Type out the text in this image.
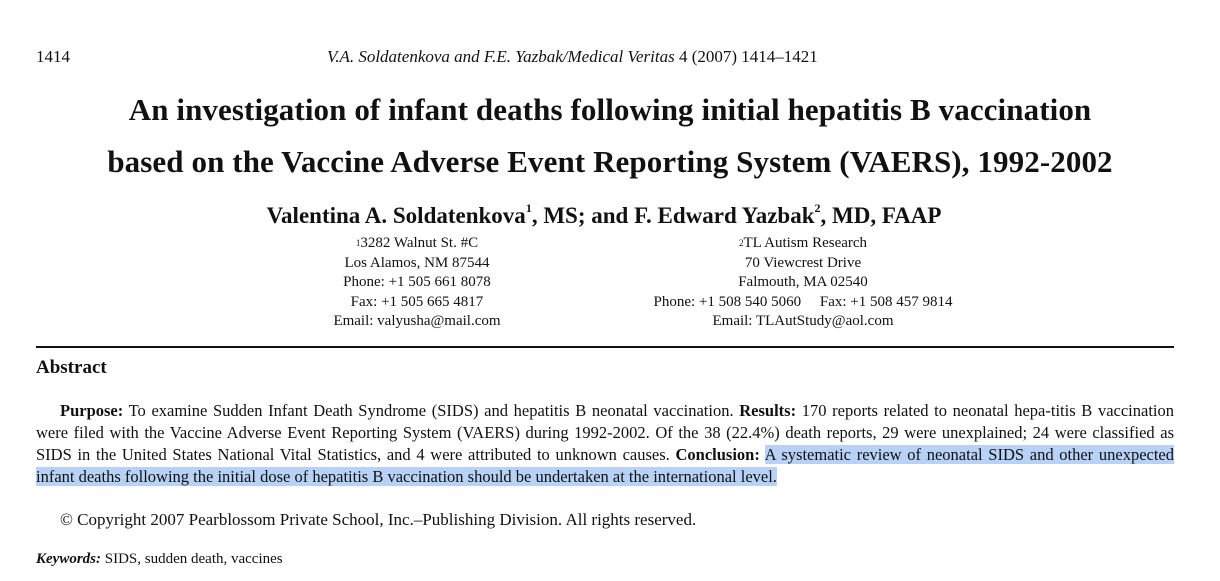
1414	V.A. Soldatenkova and F.E. Yazbak/Medical Veritas 4 (2007) 1414–1421
An investigation of infant deaths following initial hepatitis B vaccination
based on the Vaccine Adverse Event Reporting System (VAERS), 1992-2002
Valentina A. Soldatenkova$^1$, MS; and F. Edward Yazbak$^2$, MD, FAAP
$^1$3282 Walnut St. #C
Los Alamos, NM 87544
Phone: +1 505 661 8078
Fax: +1 505 665 4817
Email: valyusha@mail.com
$^2$TL Autism Research
70 Viewcrest Drive
Falmouth, MA 02540
Phone: +1 508 540 5060     Fax: +1 508 457 9814
Email: TLAutStudy@aol.com
Abstract
Purpose: To examine Sudden Infant Death Syndrome (SIDS) and hepatitis B neonatal vaccination. Results: 170 reports related to neonatal hepa-titis B vaccination were filed with the Vaccine Adverse Event Reporting System (VAERS) during 1992-2002. Of the 38 (22.4%) death reports, 29 were unexplained; 24 were classified as SIDS in the United States National Vital Statistics, and 4 were attributed to unknown causes. Conclusion: A systematic review of neonatal SIDS and other unexpected infant deaths following the initial dose of hepatitis B vaccination should be undertaken at the international level.
© Copyright 2007 Pearblossom Private School, Inc.–Publishing Division. All rights reserved.
Keywords: SIDS, sudden death, vaccines
